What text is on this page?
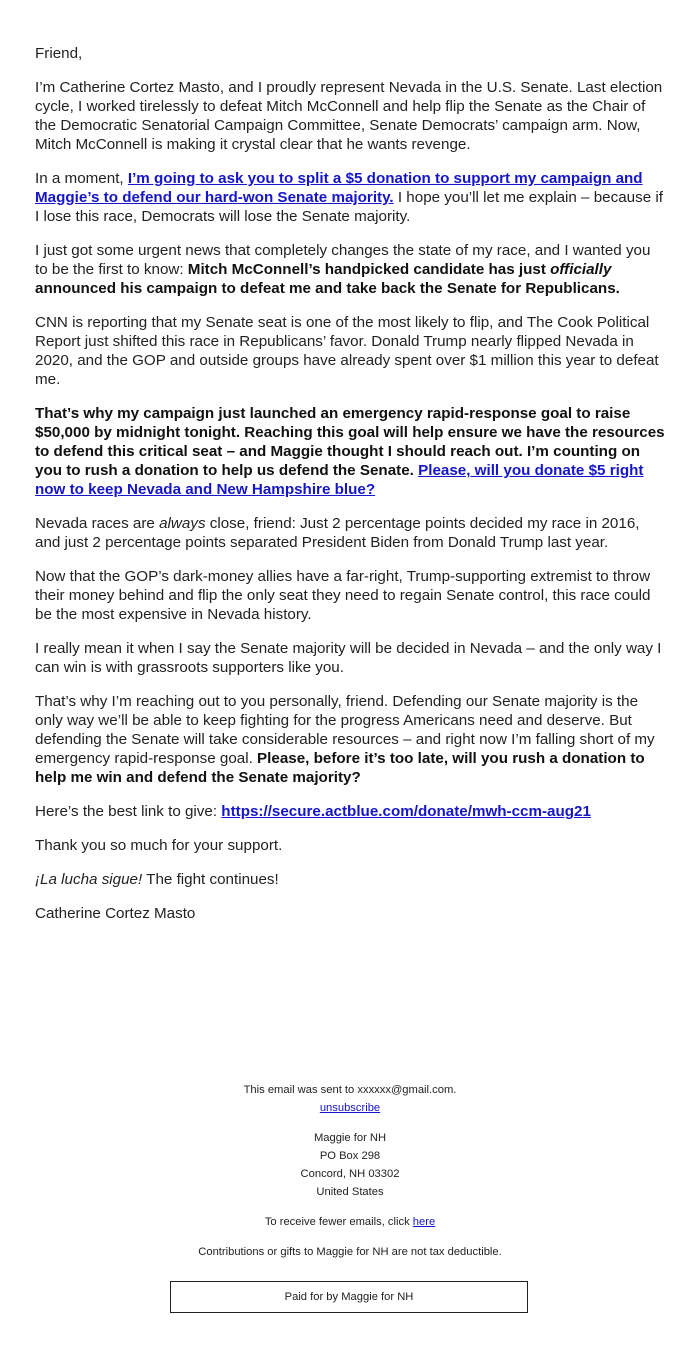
Friend,

I’m Catherine Cortez Masto, and I proudly represent Nevada in the U.S. Senate. Last election cycle, I worked tirelessly to defeat Mitch McConnell and help flip the Senate as the Chair of the Democratic Senatorial Campaign Committee, Senate Democrats’ campaign arm. Now, Mitch McConnell is making it crystal clear that he wants revenge.

In a moment, I’m going to ask you to split a $5 donation to support my campaign and Maggie’s to defend our hard-won Senate majority. I hope you’ll let me explain – because if I lose this race, Democrats will lose the Senate majority.

I just got some urgent news that completely changes the state of my race, and I wanted you to be the first to know: Mitch McConnell’s handpicked candidate has just officially announced his campaign to defeat me and take back the Senate for Republicans.

CNN is reporting that my Senate seat is one of the most likely to flip, and The Cook Political Report just shifted this race in Republicans’ favor. Donald Trump nearly flipped Nevada in 2020, and the GOP and outside groups have already spent over $1 million this year to defeat me.

That’s why my campaign just launched an emergency rapid-response goal to raise $50,000 by midnight tonight. Reaching this goal will help ensure we have the resources to defend this critical seat – and Maggie thought I should reach out. I’m counting on you to rush a donation to help us defend the Senate. Please, will you donate $5 right now to keep Nevada and New Hampshire blue?

Nevada races are always close, friend: Just 2 percentage points decided my race in 2016, and just 2 percentage points separated President Biden from Donald Trump last year.

Now that the GOP’s dark-money allies have a far-right, Trump-supporting extremist to throw their money behind and flip the only seat they need to regain Senate control, this race could be the most expensive in Nevada history.

I really mean it when I say the Senate majority will be decided in Nevada – and the only way I can win is with grassroots supporters like you.

That’s why I’m reaching out to you personally, friend. Defending our Senate majority is the only way we’ll be able to keep fighting for the progress Americans need and deserve. But defending the Senate will take considerable resources – and right now I’m falling short of my emergency rapid-response goal. Please, before it’s too late, will you rush a donation to help me win and defend the Senate majority?

Here’s the best link to give: https://secure.actblue.com/donate/mwh-ccm-aug21

Thank you so much for your support.

¡La lucha sigue! The fight continues!

Catherine Cortez Masto

This email was sent to xxxxxx@gmail.com.

unsubscribe

Maggie for NH

PO Box 298

Concord, NH 03302

United States

To receive fewer emails, click here

Contributions or gifts to Maggie for NH are not tax deductible.

Paid for by Maggie for NH
